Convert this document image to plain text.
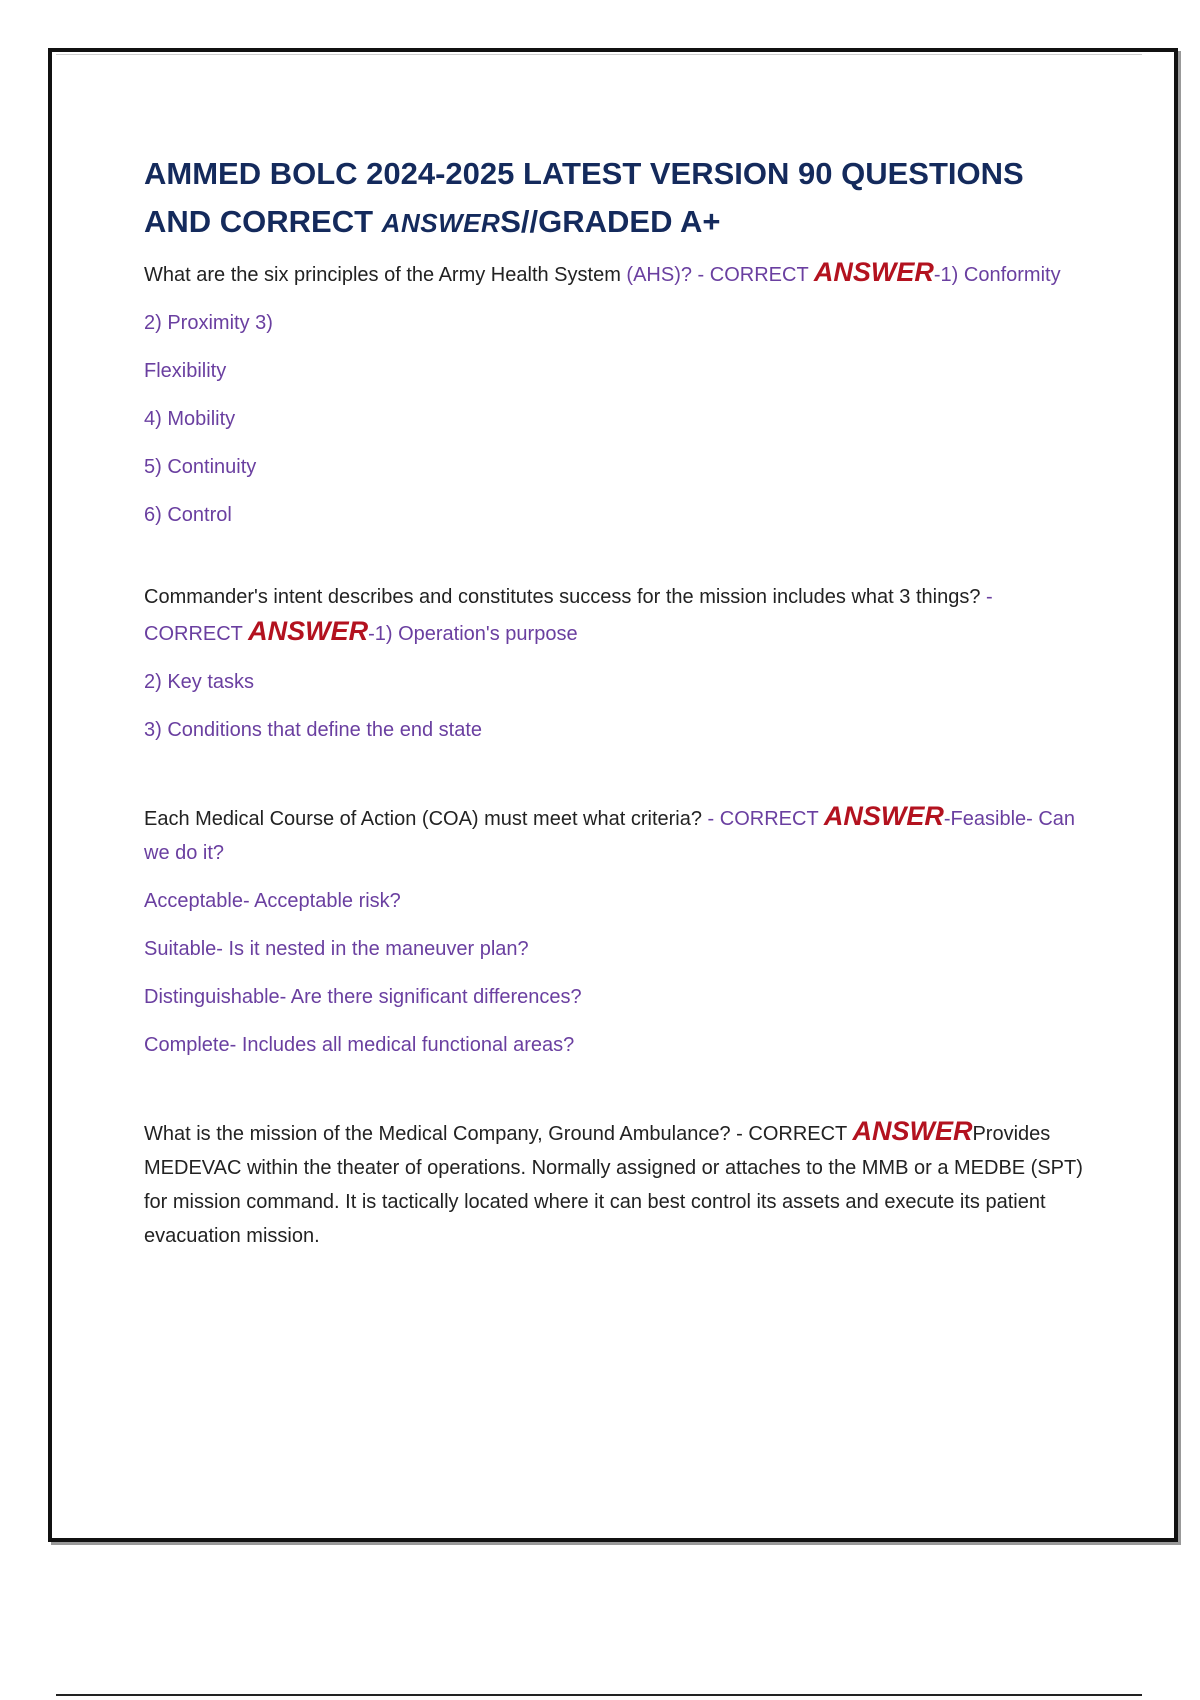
AMMED BOLC 2024-2025 LATEST VERSION 90 QUESTIONS AND CORRECT ANSWERS//GRADED A+

What are the six principles of the Army Health System (AHS)? - CORRECT ANSWER-1) Conformity

2) Proximity 3)

Flexibility

4) Mobility

5) Continuity

6) Control

Commander's intent describes and constitutes success for the mission includes what 3 things? - CORRECT ANSWER-1) Operation's purpose

2) Key tasks

3) Conditions that define the end state

Each Medical Course of Action (COA) must meet what criteria? - CORRECT ANSWER-Feasible- Can we do it?

Acceptable- Acceptable risk?

Suitable- Is it nested in the maneuver plan?

Distinguishable- Are there significant differences?

Complete- Includes all medical functional areas?

What is the mission of the Medical Company, Ground Ambulance? - CORRECT ANSWERProvides MEDEVAC within the theater of operations. Normally assigned or attaches to the MMB or a MEDBE (SPT) for mission command. It is tactically located where it can best control its assets and execute its patient evacuation mission.
